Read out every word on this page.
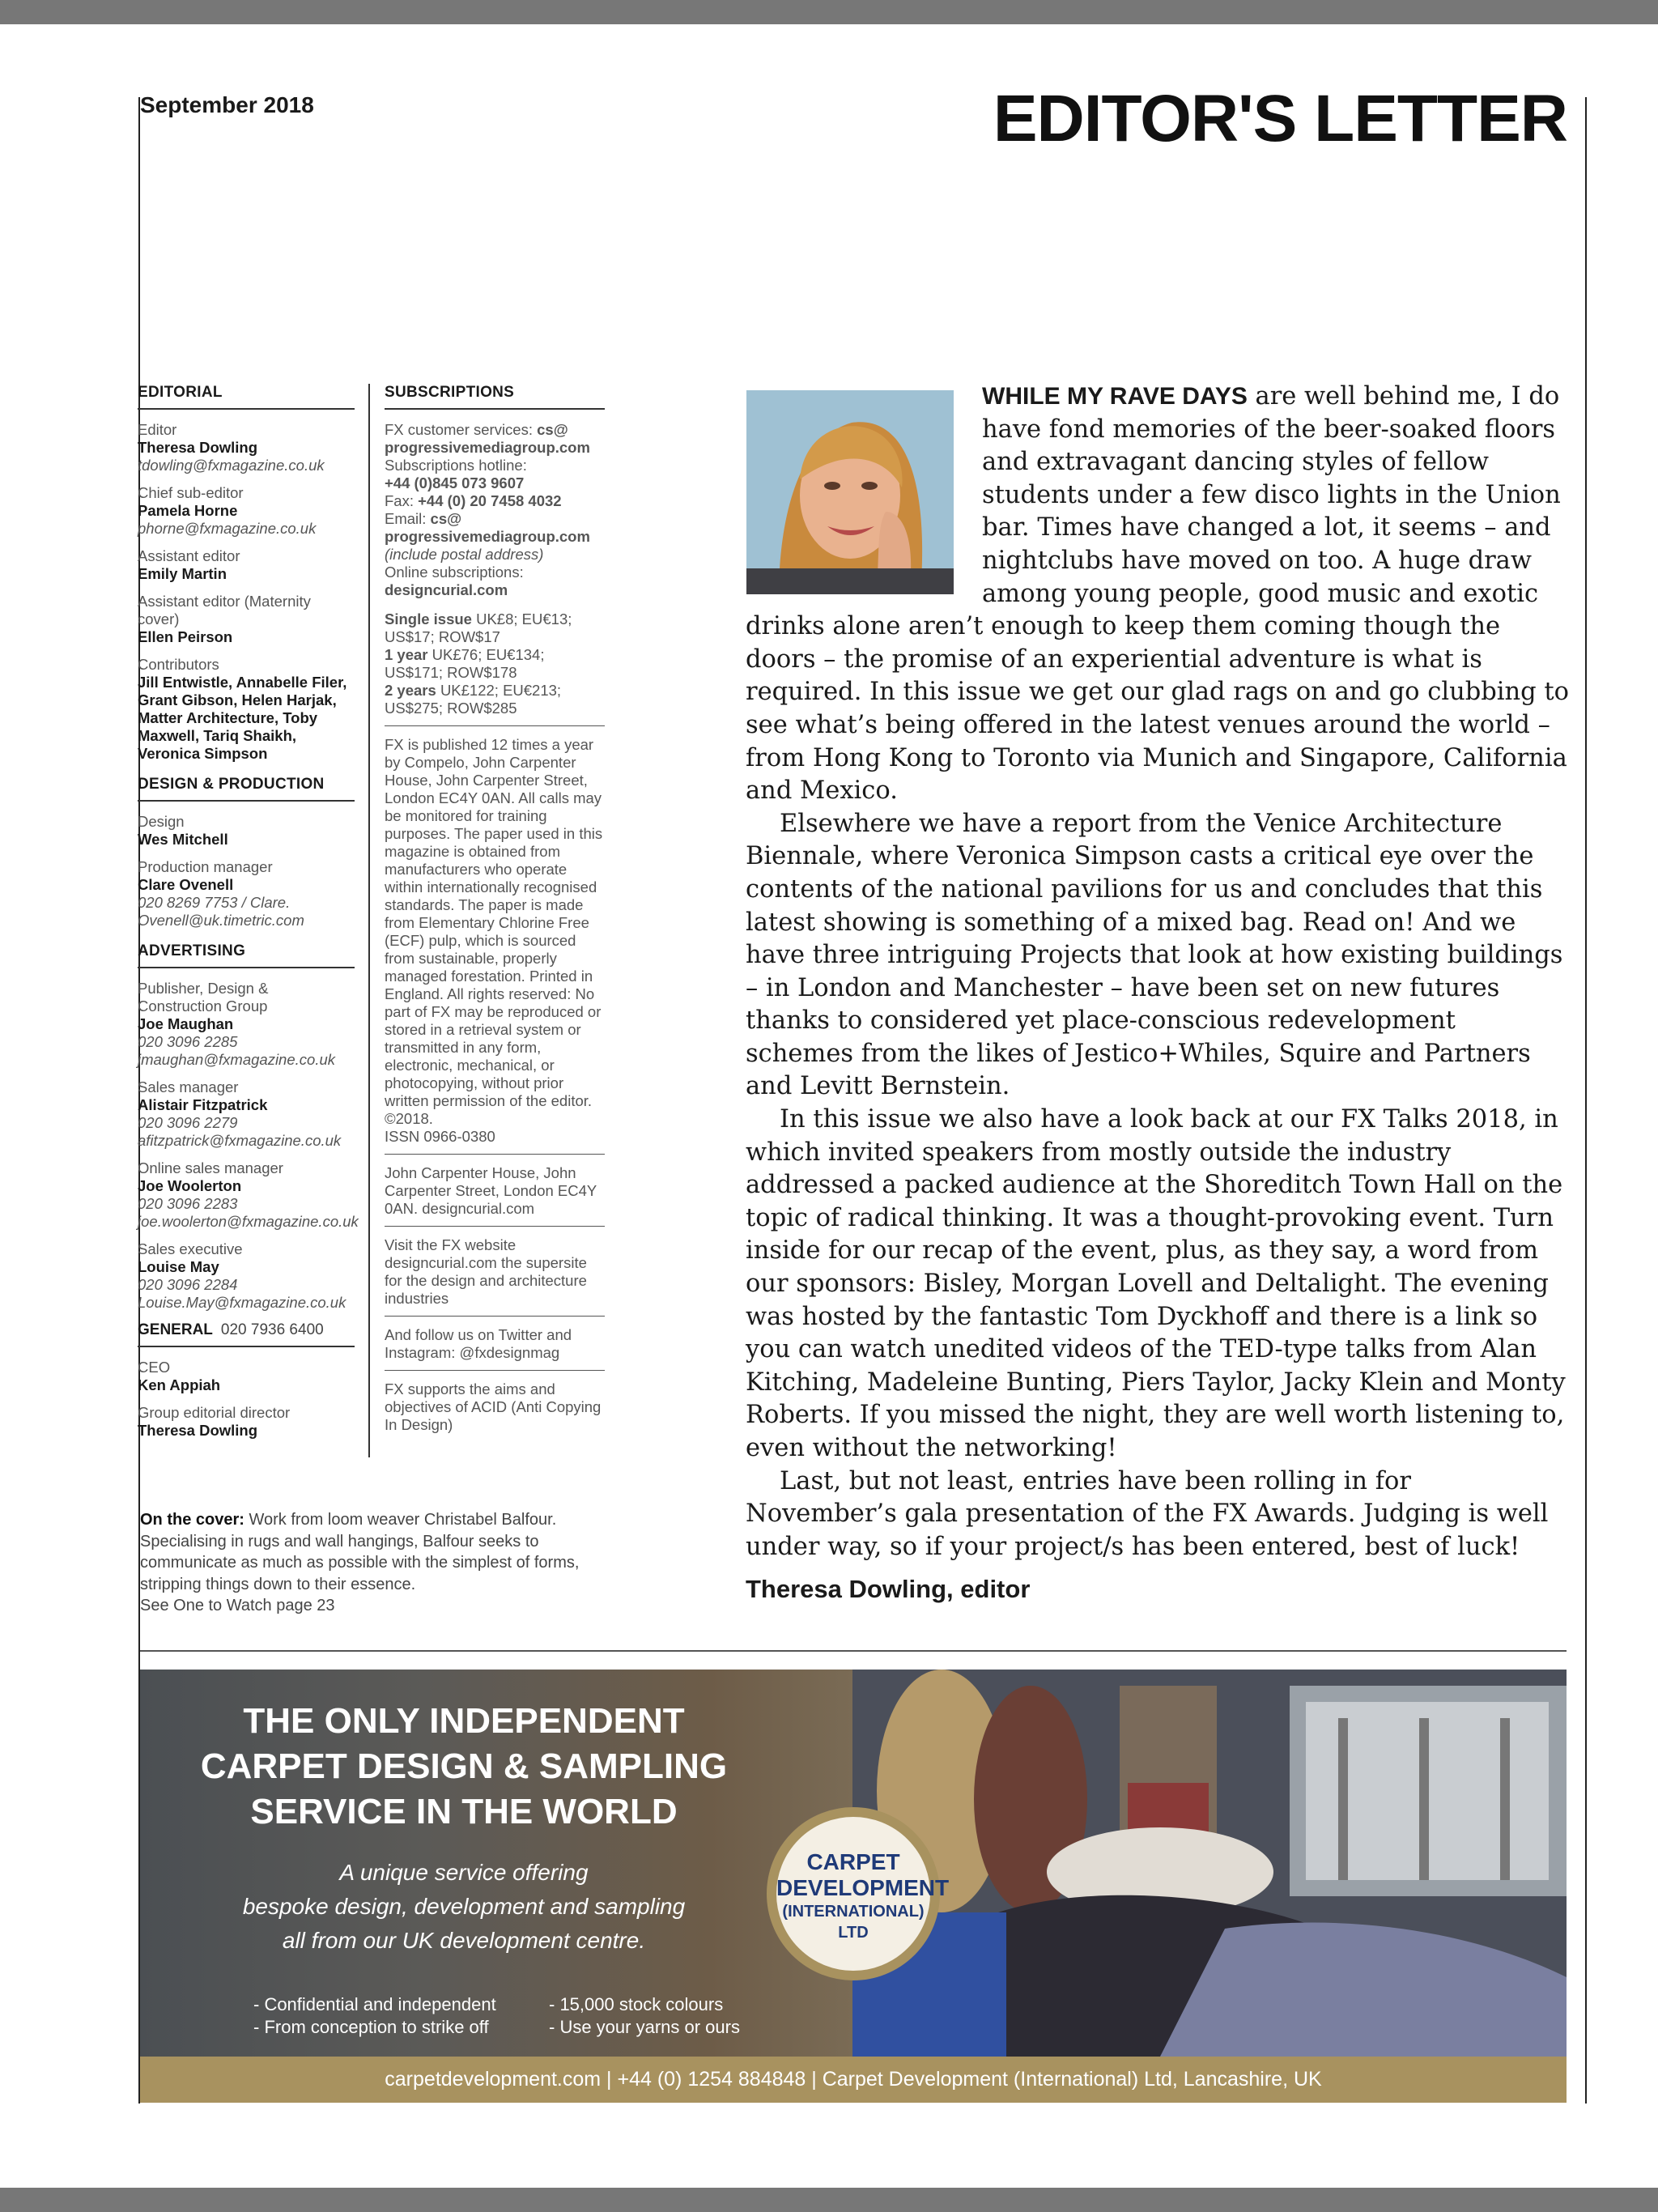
September 2018	EDITOR'S LETTER
EDITORIAL
Editor
Theresa Dowling
tdowling@fxmagazine.co.uk
Chief sub-editor
Pamela Horne
phorne@fxmagazine.co.uk
Assistant editor
Emily Martin
Assistant editor (Maternity cover)
Ellen Peirson
Contributors
Jill Entwistle, Annabelle Filer, Grant Gibson, Helen Harjak, Matter Architecture, Toby Maxwell, Tariq Shaikh, Veronica Simpson
DESIGN & PRODUCTION
Design
Wes Mitchell
Production manager
Clare Ovenell
020 8269 7753 / Clare.
Ovenell@uk.timetric.com
ADVERTISING
Publisher, Design & Construction Group
Joe Maughan
020 3096 2285
jmaughan@fxmagazine.co.uk
Sales manager
Alistair Fitzpatrick
020 3096 2279
afitzpatrick@fxmagazine.co.uk
Online sales manager
Joe Woolerton
020 3096 2283
joe.woolerton@fxmagazine.co.uk
Sales executive
Louise May
020 3096 2284
Louise.May@fxmagazine.co.uk
GENERAL 020 7936 6400
CEO
Ken Appiah
Group editorial director
Theresa Dowling
SUBSCRIPTIONS
FX customer services: cs@
progressivemediagroup.com
Subscriptions hotline:
+44 (0)845 073 9607
Fax: +44 (0) 20 7458 4032
Email: cs@
progressivemediagroup.com
(include postal address)
Online subscriptions:
designcurial.com
Single issue UK£8; EU€13; US$17; ROW$17
1 year UK£76; EU€134; US$171; ROW$178
2 years UK£122; EU€213; US$275; ROW$285
FX is published 12 times a year by Compelo, John Carpenter House, John Carpenter Street, London EC4Y 0AN. All calls may be monitored for training purposes. The paper used in this magazine is obtained from manufacturers who operate within internationally recognised standards. The paper is made from Elementary Chlorine Free (ECF) pulp, which is sourced from sustainable, properly managed forestation. Printed in England. All rights reserved: No part of FX may be reproduced or stored in a retrieval system or transmitted in any form, electronic, mechanical, or photocopying, without prior written permission of the editor. ©2018.
ISSN 0966-0380
John Carpenter House, John Carpenter Street, London EC4Y 0AN. designcurial.com
Visit the FX website designcurial.com the supersite for the design and architecture industries
And follow us on Twitter and Instagram: @fxdesignmag
FX supports the aims and objectives of ACID (Anti Copying In Design)

WHILE MY RAVE DAYS are well behind me, I do have fond memories of the beer-soaked floors and extravagant dancing styles of fellow students under a few disco lights in the Union bar. Times have changed a lot, it seems – and nightclubs have moved on too. A huge draw among young people, good music and exotic drinks alone aren’t enough to keep them coming though the doors – the promise of an experiential adventure is what is required. In this issue we get our glad rags on and go clubbing to see what’s being offered in the latest venues around the world – from Hong Kong to Toronto via Munich and Singapore, California and Mexico.

Elsewhere we have a report from the Venice Architecture Biennale, where Veronica Simpson casts a critical eye over the contents of the national pavilions for us and concludes that this latest showing is something of a mixed bag. Read on! And we have three intriguing Projects that look at how existing buildings – in London and Manchester – have been set on new futures thanks to considered yet place-conscious redevelopment schemes from the likes of Jestico+Whiles, Squire and Partners and Levitt Bernstein.

In this issue we also have a look back at our FX Talks 2018, in which invited speakers from mostly outside the industry addressed a packed audience at the Shoreditch Town Hall on the topic of radical thinking. It was a thought-provoking event. Turn inside for our recap of the event, plus, as they say, a word from our sponsors: Bisley, Morgan Lovell and Deltalight. The evening was hosted by the fantastic Tom Dyckhoff and there is a link so you can watch unedited videos of the TED-type talks from Alan Kitching, Madeleine Bunting, Piers Taylor, Jacky Klein and Monty Roberts. If you missed the night, they are well worth listening to, even without the networking!

Last, but not least, entries have been rolling in for November’s gala presentation of the FX Awards. Judging is well under way, so if your project/s has been entered, best of luck!

Theresa Dowling, editor
On the cover: Work from loom weaver Christabel Balfour. Specialising in rugs and wall hangings, Balfour seeks to communicate as much as possible with the simplest of forms, stripping things down to their essence.
See One to Watch page 23
THE ONLY INDEPENDENT
CARPET DESIGN & SAMPLING
SERVICE IN THE WORLD
A unique service offering
bespoke design, development and sampling
all from our UK development centre.
- Confidential and independent
- From conception to strike off
- 15,000 stock colours
- Use your yarns or ours
CARPET
DEVELOPMENT
(INTERNATIONAL)
LTD
carpetdevelopment.com | +44 (0) 1254 884848 | Carpet Development (International) Ltd, Lancashire, UK
